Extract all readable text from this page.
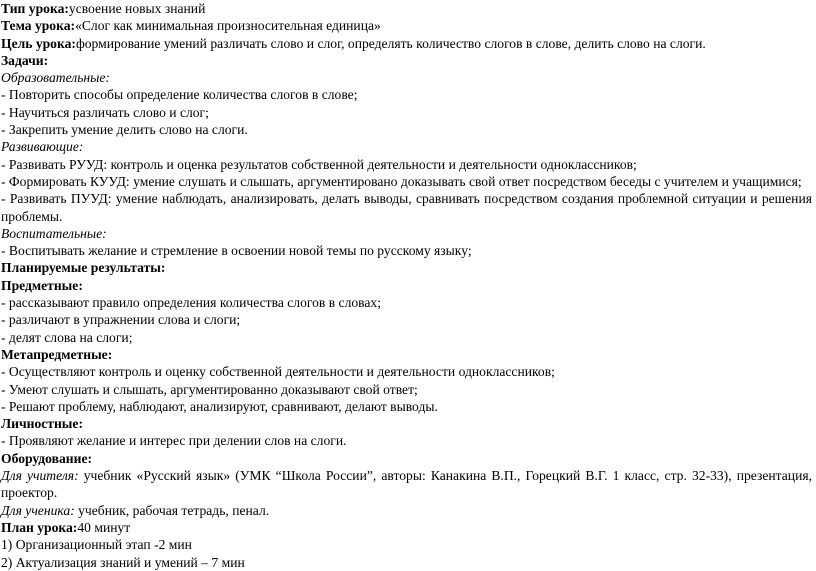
Тип урока:усвоение новых знаний

Тема урока:«Слог как минимальная произносительная единица»

Цель урока:формирование умений различать слово и слог, определять количество слогов в слове, делить слово на слоги.

Задачи:

Образовательные:

- Повторить способы определение количества слогов в слове;

- Научиться различать слово и слог;

- Закрепить умение делить слово на слоги.

Развивающие:

- Развивать РУУД: контроль и оценка результатов собственной деятельности и деятельности одноклассников;

- Формировать КУУД: умение слушать и слышать, аргументировано доказывать свой ответ посредством беседы с учителем и учащимися;

- Развивать ПУУД: умение наблюдать, анализировать, делать выводы, сравнивать посредством создания проблемной ситуации и решения проблемы.

Воспитательные:

- Воспитывать желание и стремление в освоении новой темы по русскому языку;

Планируемые результаты:

Предметные:

- рассказывают правило определения количества слогов в словах;

- различают в упражнении слова и слоги;

- делят слова на слоги;

Метапредметные:

- Осуществляют контроль и оценку собственной деятельности и деятельности одноклассников;

- Умеют слушать и слышать, аргументированно доказывают свой ответ;

- Решают проблему, наблюдают, анализируют, сравнивают, делают выводы.

Личностные:

- Проявляют желание и интерес при делении слов на слоги.

Оборудование:

Для учителя: учебник «Русский язык» (УМК “Школа России”, авторы: Канакина В.П., Горецкий В.Г. 1 класс, стр. 32-33), презентация, проектор.

Для ученика: учебник, рабочая тетрадь, пенал.

План урока:40 минут

1) Организационный этап -2 мин

2) Актуализация знаний и умений – 7 мин
